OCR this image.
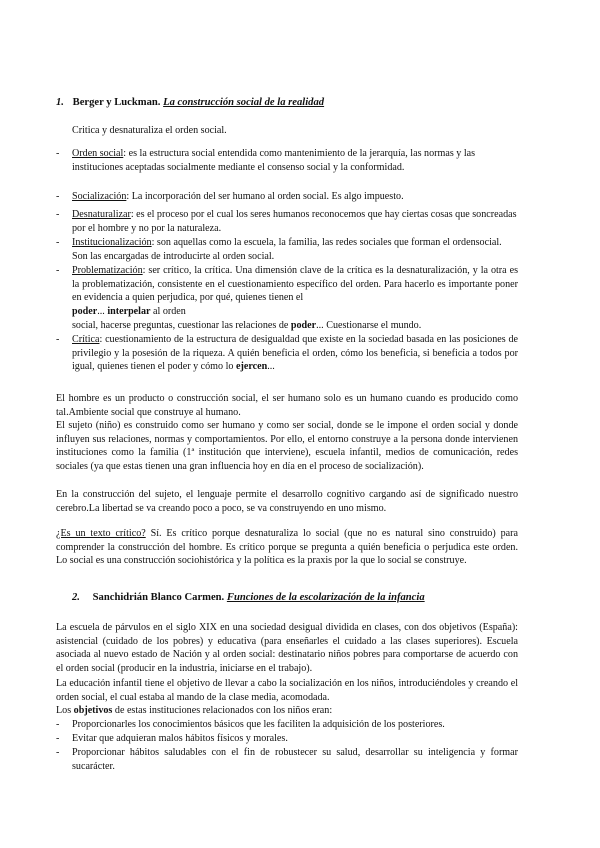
1. Berger y Luckman. La construcción social de la realidad
Critica y desnaturaliza el orden social.
- Orden social: es la estructura social entendida como mantenimiento de la jerarquía, las normas y las instituciones aceptadas socialmente mediante el consenso social y la conformidad.
- Socialización: La incorporación del ser humano al orden social. Es algo impuesto.
- Desnaturalizar: es el proceso por el cual los seres humanos reconocemos que hay ciertas cosas que soncreadas por el hombre y no por la naturaleza.
- Institucionalización: son aquellas como la escuela, la familia, las redes sociales que forman el ordensocial. Son las encargadas de introducirte al orden social.
- Problematización: ser crítico, la crítica. Una dimensión clave de la crítica es la desnaturalización, y la otra es la problematización, consistente en el cuestionamiento específico del orden. Para hacerlo es importante poner en evidencia a quien perjudica, por qué, quienes tienen el
poder... interpelar al orden
social, hacerse preguntas, cuestionar las relaciones de poder... Cuestionarse el mundo.
- Crítica: cuestionamiento de la estructura de desigualdad que existe en la sociedad basada en las posiciones de privilegio y la posesión de la riqueza. A quién beneficia el orden, cómo los beneficia, si beneficia a todos por igual, quienes tienen el poder y cómo lo ejercen...
El hombre es un producto o construcción social, el ser humano solo es un humano cuando es producido como tal.Ambiente social que construye al humano.
El sujeto (niño) es construido como ser humano y como ser social, donde se le impone el orden social y donde influyen sus relaciones, normas y comportamientos. Por ello, el entorno construye a la persona donde intervienen instituciones como la familia (1ª institución que interviene), escuela infantil, medios de comunicación, redes sociales (ya que estas tienen una gran influencia hoy en día en el proceso de socialización).
En la construcción del sujeto, el lenguaje permite el desarrollo cognitivo cargando así de significado nuestro cerebro.La libertad se va creando poco a poco, se va construyendo en uno mismo.
¿Es un texto crítico? Sí. Es crítico porque desnaturaliza lo social (que no es natural sino construido) para comprender la construcción del hombre. Es crítico porque se pregunta a quién beneficia o perjudica este orden. Lo social es una construcción sociohistórica y la política es la praxis por la que lo social se construye.
2. Sanchidrián Blanco Carmen. Funciones de la escolarización de la infancia
La escuela de párvulos en el siglo XIX en una sociedad desigual dividida en clases, con dos objetivos (España): asistencial (cuidado de los pobres) y educativa (para enseñarles el cuidado a las clases superiores). Escuela asociada al nuevo estado de Nación y al orden social: destinatario niños pobres para comportarse de acuerdo con el orden social (producir en la industria, iniciarse en el trabajo).
La educación infantil tiene el objetivo de llevar a cabo la socialización en los niños, introduciéndoles y creando el orden social, el cual estaba al mando de la clase media, acomodada.
Los objetivos de estas instituciones relacionados con los niños eran:
- Proporcionarles los conocimientos básicos que les faciliten la adquisición de los posteriores.
- Evitar que adquieran malos hábitos físicos y morales.
- Proporcionar hábitos saludables con el fin de robustecer su salud, desarrollar su inteligencia y formar sucarácter.
